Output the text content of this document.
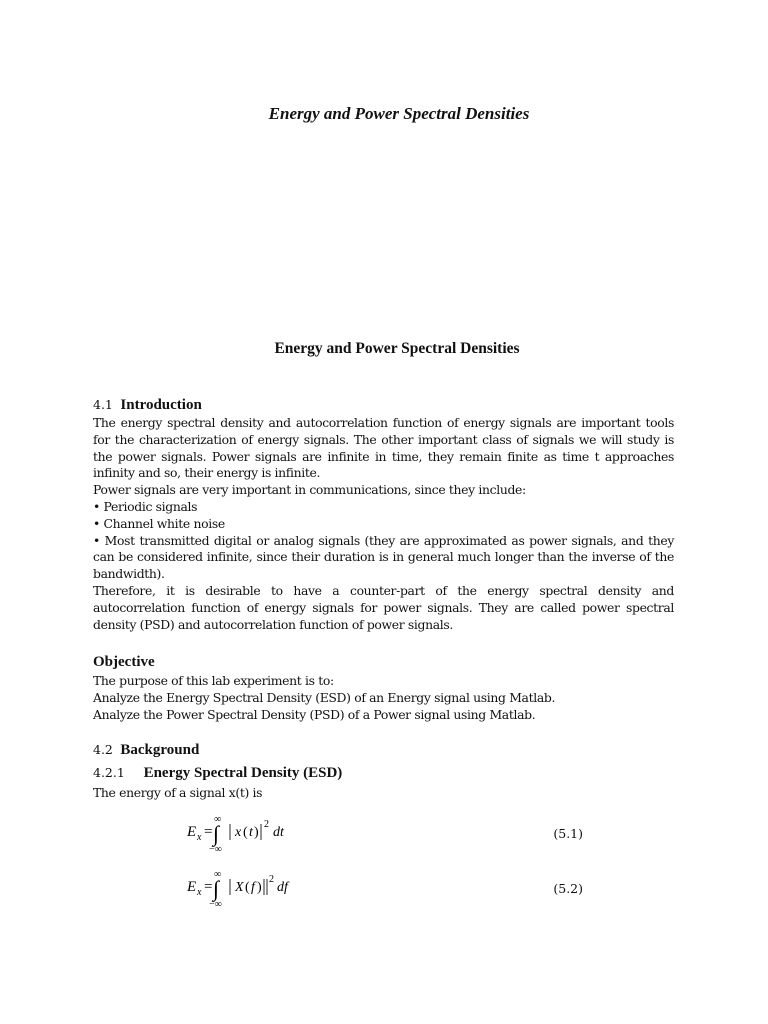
Energy and Power Spectral Densities
Energy and Power Spectral Densities
4.1 Introduction

The energy spectral density and autocorrelation function of energy signals are important tools for the characterization of energy signals. The other important class of signals we will study is the power signals. Power signals are infinite in time, they remain finite as time t approaches infinity and so, their energy is infinite.

Power signals are very important in communications, since they include:

• Periodic signals

• Channel white noise

• Most transmitted digital or analog signals (they are approximated as power signals, and they can be considered infinite, since their duration is in general much longer than the inverse of the bandwidth).

Therefore, it is desirable to have a counter-part of the energy spectral density and autocorrelation function of energy signals for power signals. They are called power spectral density (PSD) and autocorrelation function of power signals.

Objective

The purpose of this lab experiment is to:

Analyze the Energy Spectral Density (ESD) of an Energy signal using Matlab.

Analyze the Power Spectral Density (PSD) of a Power signal using Matlab.

4.2 Background
4.2.1 Energy Spectral Density (ESD)

The energy of a signal x(t) is

E x =
∞
∫
−∞
x ( t )
2
dt	(5.1)
E x =
∞
∫
−∞
X ( f )
2
df	(5.2)
